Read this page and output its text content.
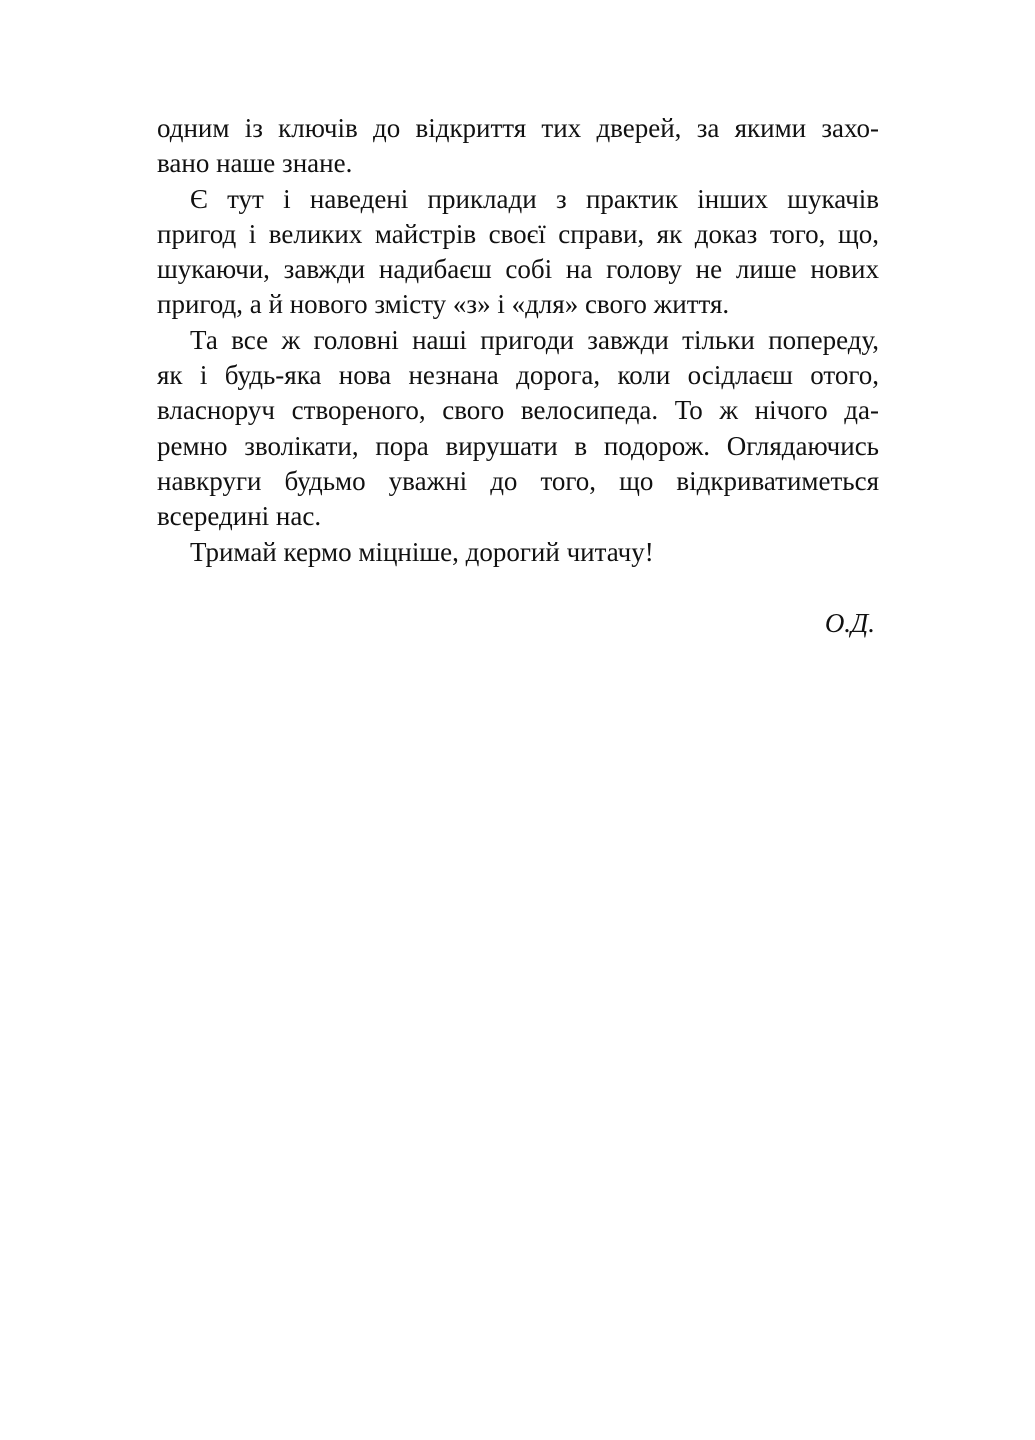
одним із ключів до відкриття тих дверей, за якими захо-
вано наше знане.
Є тут і наведені приклади з практик інших шукачів
пригод і великих майстрів своєї справи, як доказ того, що,
шукаючи, завжди надибаєш собі на голову не лише нових
пригод, а й нового змісту «з» і «для» свого життя.
Та все ж головні наші пригоди завжди тільки попереду,
як і будь-яка нова незнана дорога, коли осідлаєш отого,
власноруч створеного, свого велосипеда. То ж нічого да-
ремно зволікати, пора вирушати в подорож. Оглядаючись
навкруги будьмо уважні до того, що відкриватиметься
всередині нас.
Тримай кермо міцніше, дорогий читачу!
О.Д.
